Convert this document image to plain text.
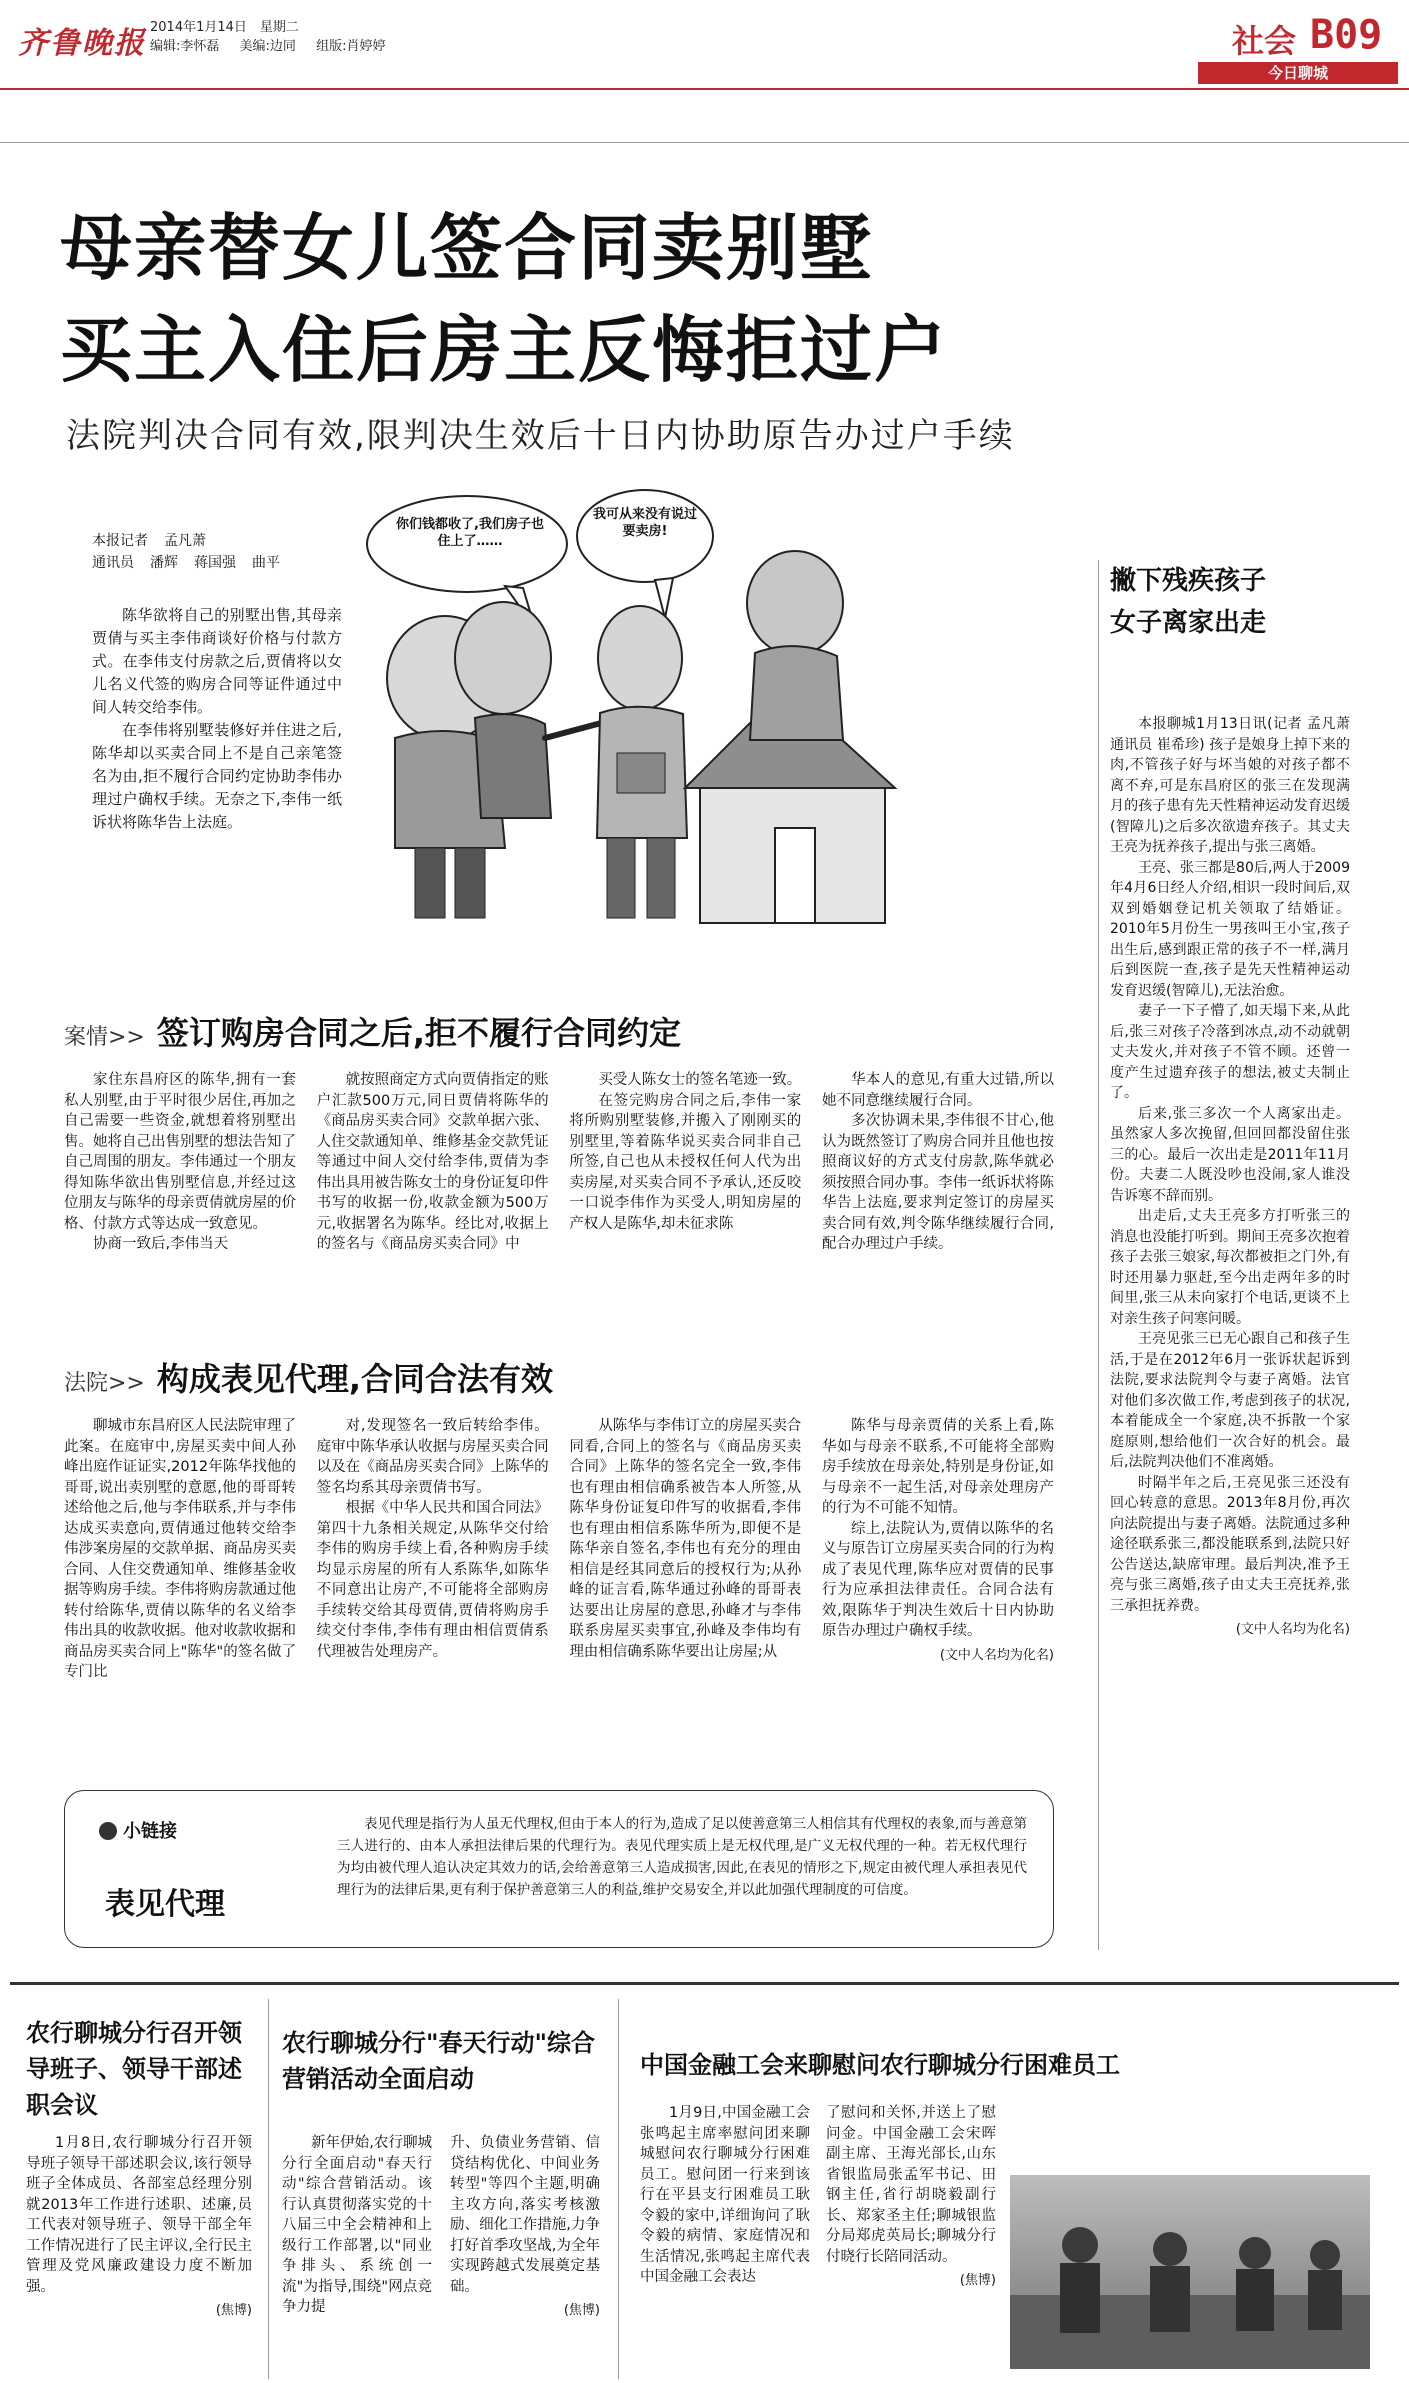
齐鲁晚报 2014年1月14日　星期二
编辑:李怀磊 美编:边同 组版:肖婷婷	社会 B09
今日聊城
母亲替女儿签合同卖别墅
买主入住后房主反悔拒过户
法院判决合同有效,限判决生效后十日内协助原告办过户手续
本报记者 孟凡萧
通讯员 潘辉 蒋国强 曲平

陈华欲将自己的别墅出售,其母亲贾倩与买主李伟商谈好价格与付款方式。在李伟支付房款之后,贾倩将以女儿名义代签的购房合同等证件通过中间人转交给李伟。

在李伟将别墅装修好并住进之后,陈华却以买卖合同上不是自己亲笔签名为由,拒不履行合同约定协助李伟办理过户确权手续。无奈之下,李伟一纸诉状将陈华告上法庭。

你们钱都收了,我们房子也住上了……
我可从来没有说过要卖房!
撇下残疾孩子
女子离家出走

本报聊城1月13日讯(记者 孟凡萧 通讯员 崔希珍) 孩子是娘身上掉下来的肉,不管孩子好与坏当娘的对孩子都不离不弃,可是东昌府区的张三在发现满月的孩子患有先天性精神运动发育迟缓(智障儿)之后多次欲遗弃孩子。其丈夫王亮为抚养孩子,提出与张三离婚。

王亮、张三都是80后,两人于2009年4月6日经人介绍,相识一段时间后,双双到婚姻登记机关领取了结婚证。2010年5月份生一男孩叫王小宝,孩子出生后,感到跟正常的孩子不一样,满月后到医院一查,孩子是先天性精神运动发育迟缓(智障儿),无法治愈。

妻子一下子懵了,如天塌下来,从此后,张三对孩子冷落到冰点,动不动就朝丈夫发火,并对孩子不管不顾。还曾一度产生过遗弃孩子的想法,被丈夫制止了。

后来,张三多次一个人离家出走。虽然家人多次挽留,但回回都没留住张三的心。最后一次出走是2011年11月份。夫妻二人既没吵也没闹,家人谁没告诉寒不辞而别。

出走后,丈夫王亮多方打听张三的消息也没能打听到。期间王亮多次抱着孩子去张三娘家,每次都被拒之门外,有时还用暴力驱赶,至今出走两年多的时间里,张三从未向家打个电话,更谈不上对亲生孩子问寒问暖。

王亮见张三已无心跟自己和孩子生活,于是在2012年6月一张诉状起诉到法院,要求法院判令与妻子离婚。法官对他们多次做工作,考虑到孩子的状况,本着能成全一个家庭,决不拆散一个家庭原则,想给他们一次合好的机会。最后,法院判决他们不准离婚。

时隔半年之后,王亮见张三还没有回心转意的意思。2013年8月份,再次向法院提出与妻子离婚。法院通过多种途径联系张三,都没能联系到,法院只好公告送达,缺席审理。最后判决,准予王亮与张三离婚,孩子由丈夫王亮抚养,张三承担抚养费。

(文中人名均为化名)
案情>> 签订购房合同之后,拒不履行合同约定

家住东昌府区的陈华,拥有一套私人别墅,由于平时很少居住,再加之自己需要一些资金,就想着将别墅出售。她将自己出售别墅的想法告知了自己周围的朋友。李伟通过一个朋友得知陈华欲出售别墅信息,并经过这位朋友与陈华的母亲贾倩就房屋的价格、付款方式等达成一致意见。

协商一致后,李伟当天

就按照商定方式向贾倩指定的账户汇款500万元,同日贾倩将陈华的《商品房买卖合同》交款单据六张、人住交款通知单、维修基金交款凭证等通过中间人交付给李伟,贾倩为李伟出具用被告陈女士的身份证复印件书写的收据一份,收款金额为500万元,收据署名为陈华。经比对,收据上的签名与《商品房买卖合同》中

买受人陈女士的签名笔迹一致。

在签完购房合同之后,李伟一家将所购别墅装修,并搬入了刚刚买的别墅里,等着陈华说买卖合同非自己所签,自己也从未授权任何人代为出卖房屋,对买卖合同不予承认,还反咬一口说李伟作为买受人,明知房屋的产权人是陈华,却未征求陈

华本人的意见,有重大过错,所以她不同意继续履行合同。

多次协调未果,李伟很不甘心,他认为既然签订了购房合同并且他也按照商议好的方式支付房款,陈华就必须按照合同办事。李伟一纸诉状将陈华告上法庭,要求判定签订的房屋买卖合同有效,判令陈华继续履行合同,配合办理过户手续。

法院>> 构成表见代理,合同合法有效

聊城市东昌府区人民法院审理了此案。在庭审中,房屋买卖中间人孙峰出庭作证证实,2012年陈华找他的哥哥,说出卖别墅的意愿,他的哥哥转述给他之后,他与李伟联系,并与李伟达成买卖意向,贾倩通过他转交给李伟涉案房屋的交款单据、商品房买卖合同、人住交费通知单、维修基金收据等购房手续。李伟将购房款通过他转付给陈华,贾倩以陈华的名义给李伟出具的收款收据。他对收款收据和商品房买卖合同上"陈华"的签名做了专门比

对,发现签名一致后转给李伟。庭审中陈华承认收据与房屋买卖合同以及在《商品房买卖合同》上陈华的签名均系其母亲贾倩书写。

根据《中华人民共和国合同法》第四十九条相关规定,从陈华交付给李伟的购房手续上看,各种购房手续均显示房屋的所有人系陈华,如陈华不同意出让房产,不可能将全部购房手续转交给其母贾倩,贾倩将购房手续交付李伟,李伟有理由相信贾倩系代理被告处理房产。

从陈华与李伟订立的房屋买卖合同看,合同上的签名与《商品房买卖合同》上陈华的签名完全一致,李伟也有理由相信确系被告本人所签,从陈华身份证复印件写的收据看,李伟也有理由相信系陈华所为,即便不是陈华亲自签名,李伟也有充分的理由相信是经其同意后的授权行为;从孙峰的证言看,陈华通过孙峰的哥哥表达要出让房屋的意思,孙峰才与李伟联系房屋买卖事宜,孙峰及李伟均有理由相信确系陈华要出让房屋;从

陈华与母亲贾倩的关系上看,陈华如与母亲不联系,不可能将全部购房手续放在母亲处,特别是身份证,如与母亲不一起生活,对母亲处理房产的行为不可能不知情。

综上,法院认为,贾倩以陈华的名义与原告订立房屋买卖合同的行为构成了表见代理,陈华应对贾倩的民事行为应承担法律责任。合同合法有效,限陈华于判决生效后十日内协助原告办理过户确权手续。

(文中人名均为化名)
小链接
表见代理
表见代理是指行为人虽无代理权,但由于本人的行为,造成了足以使善意第三人相信其有代理权的表象,而与善意第三人进行的、由本人承担法律后果的代理行为。表见代理实质上是无权代理,是广义无权代理的一种。若无权代理行为均由被代理人追认决定其效力的话,会给善意第三人造成损害,因此,在表见的情形之下,规定由被代理人承担表见代理行为的法律后果,更有利于保护善意第三人的利益,维护交易安全,并以此加强代理制度的可信度。
农行聊城分行召开领导班子、领导干部述职会议

1月8日,农行聊城分行召开领导班子领导干部述职会议,该行领导班子全体成员、各部室总经理分别就2013年工作进行述职、述廉,员工代表对领导班子、领导干部全年工作情况进行了民主评议,全行民主管理及党风廉政建设力度不断加强。

(焦博)
农行聊城分行"春天行动"综合营销活动全面启动

新年伊始,农行聊城分行全面启动"春天行动"综合营销活动。该行认真贯彻落实党的十八届三中全会精神和上级行工作部署,以"同业争排头、系统创一流"为指导,围绕"网点竞争力提

升、负债业务营销、信贷结构优化、中间业务转型"等四个主题,明确主攻方向,落实考核激励、细化工作措施,力争打好首季攻坚战,为全年实现跨越式发展奠定基础。
(焦博)
中国金融工会来聊慰问农行聊城分行困难员工

1月9日,中国金融工会张鸣起主席率慰问团来聊城慰问农行聊城分行困难员工。慰问团一行来到该行在平县支行困难员工耿令毅的家中,详细询问了耿令毅的病情、家庭情况和生活情况,张鸣起主席代表中国金融工会表达

了慰问和关怀,并送上了慰问金。中国金融工会宋晖副主席、王海光部长,山东省银监局张孟军书记、田钢主任,省行胡晓毅副行长、郑家圣主任;聊城银监分局郑虎英局长;聊城分行付晓行长陪同活动。
(焦博)
